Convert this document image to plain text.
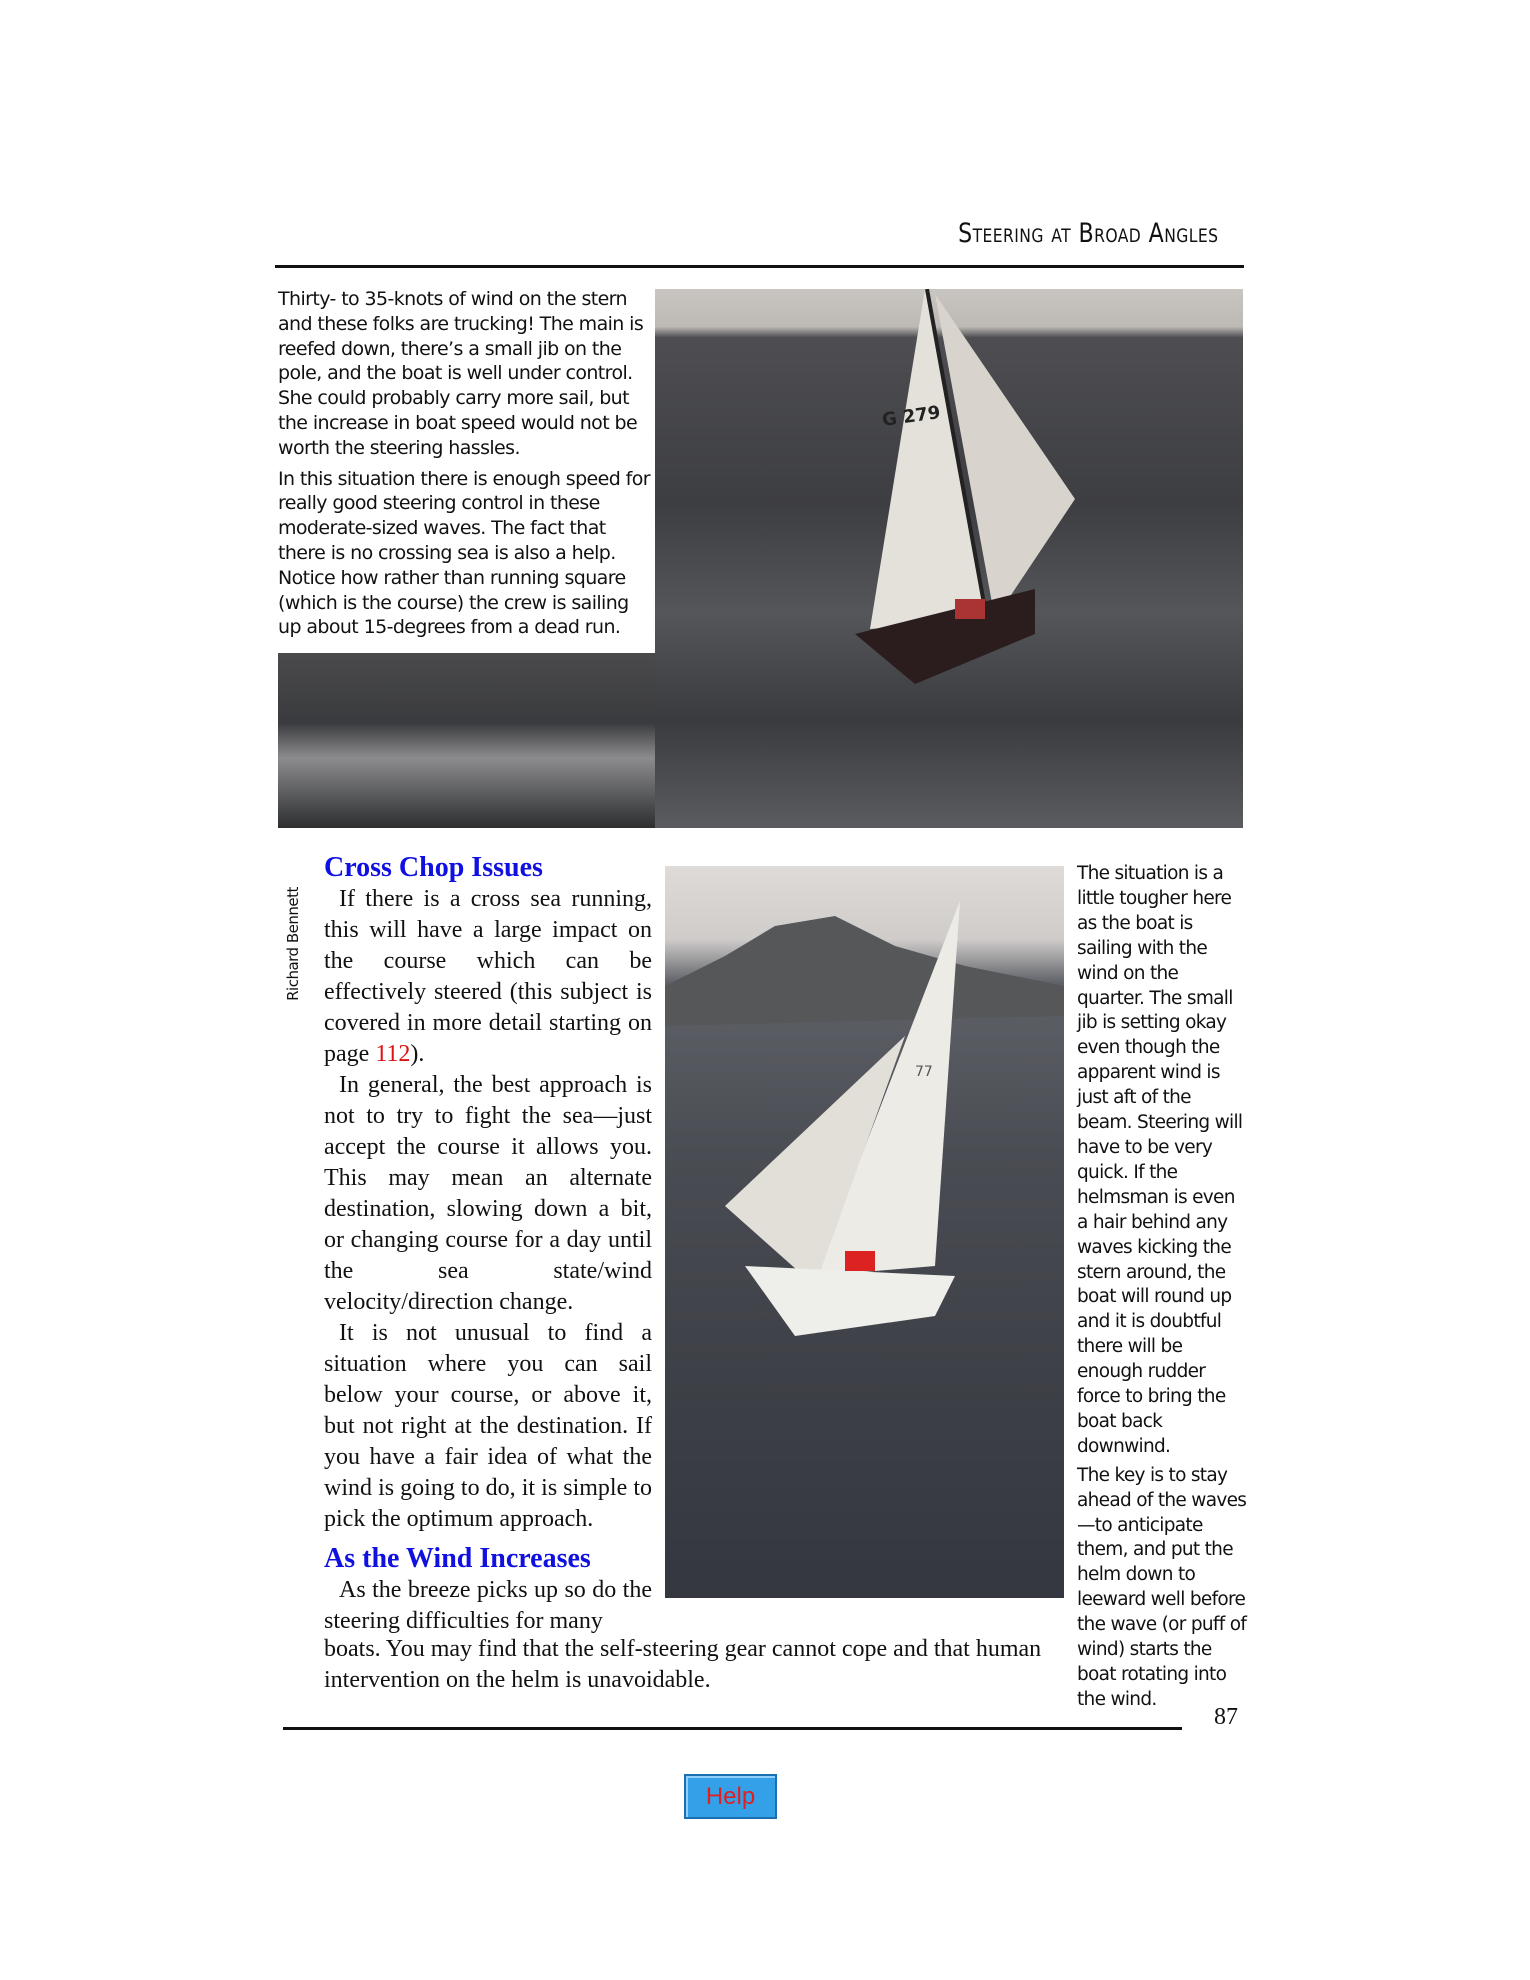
Steering at Broad Angles
G 279

Thirty- to 35-knots of wind on the stern and these folks are trucking! The main is reefed down, there’s a small jib on the pole, and the boat is well under control. She could probably carry more sail, but the increase in boat speed would not be worth the steering hassles.

In this situation there is enough speed for really good steering control in these moderate-sized waves. The fact that there is no crossing sea is also a help. Notice how rather than running square (which is the course) the crew is sailing up about 15-degrees from a dead run.

Richard Bennett
Cross Chop Issues

If there is a cross sea running, this will have a large impact on the course which can be effectively steered (this subject is covered in more detail starting on page 112).

In general, the best approach is not to try to fight the sea—just accept the course it allows you. This may mean an alternate destination, slowing down a bit, or changing course for a day until the sea state/wind velocity/direction change.

It is not unusual to find a situation where you can sail below your course, or above it, but not right at the destination. If you have a fair idea of what the wind is going to do, it is simple to pick the optimum approach.

As the Wind Increases

As the breeze picks up so do the steering difficulties for many

77

The situation is a little tougher here as the boat is sailing with the wind on the quarter. The small jib is setting okay even though the apparent wind is just aft of the beam. Steering will have to be very quick. If the helmsman is even a hair behind any waves kicking the stern around, the boat will round up and it is doubtful there will be enough rudder force to bring the boat back downwind.

The key is to stay ahead of the waves—to anticipate them, and put the helm down to leeward well before the wave (or puff of wind) starts the boat rotating into the wind.

boats. You may find that the self-steering gear cannot cope and that human intervention on the helm is unavoidable.
87
Help
